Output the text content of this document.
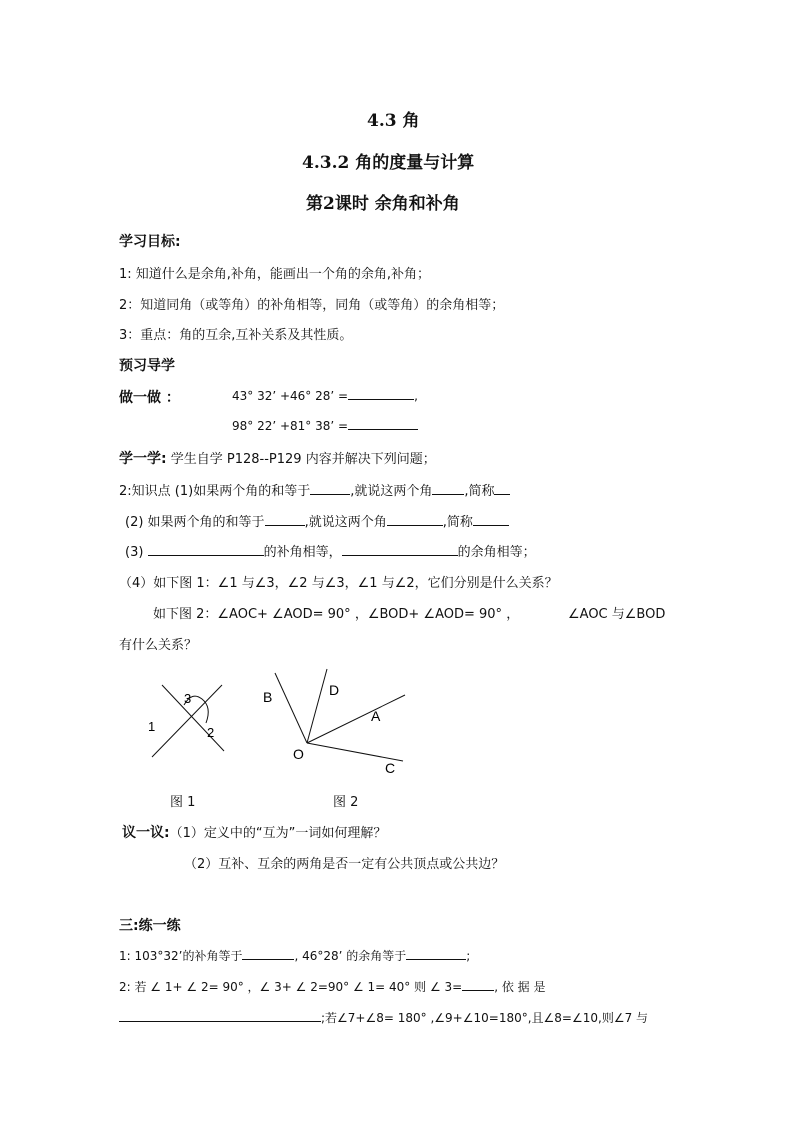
4.3 角
4.3.2 角的度量与计算
第2课时 余角和补角
学习目标:
1: 知道什么是余角,补角，能画出一个角的余角,补角；
2：知道同角（或等角）的补角相等，同角（或等角）的余角相等；
3：重点：角的互余,互补关系及其性质。
预习导学
做一做 ：	43° 32’ +46° 28’ =	,
98° 22’ +81° 38’ =
学一学: 学生自学 P128--P129 内容并解决下列问题；
2:知识点 (1)如果两个角的和等于	,就说这两个角 ,简称
(2) 如果两个角的和等于	,就说这两个角	,简称
(3)	的补角相等，	的余角相等；
（4）如下图 1：∠1 与∠3，∠2 与∠3，∠1 与∠2，它们分别是什么关系？
如下图 2：∠AOC+ ∠AOD= 90° ，∠BOD+ ∠AOD= 90° ，	∠AOC 与∠BOD
有什么关系？
3
1	2
B	D
A
O
C
图 1	图 2
议一议:（1）定义中的“互为”一词如何理解？
（2）互补、互余的两角是否一定有公共顶点或公共边？
三:练一练
1: 103°32’的补角等于	, 46°28’ 的余角等于	;
2: 若 ∠ 1+ ∠ 2= 90° ，∠ 3+ ∠ 2=90° ∠ 1= 40° 则 ∠ 3=	, 依 据 是
;若∠7+∠8= 180° ,∠9+∠10=180°,且∠8=∠10,则∠7 与
